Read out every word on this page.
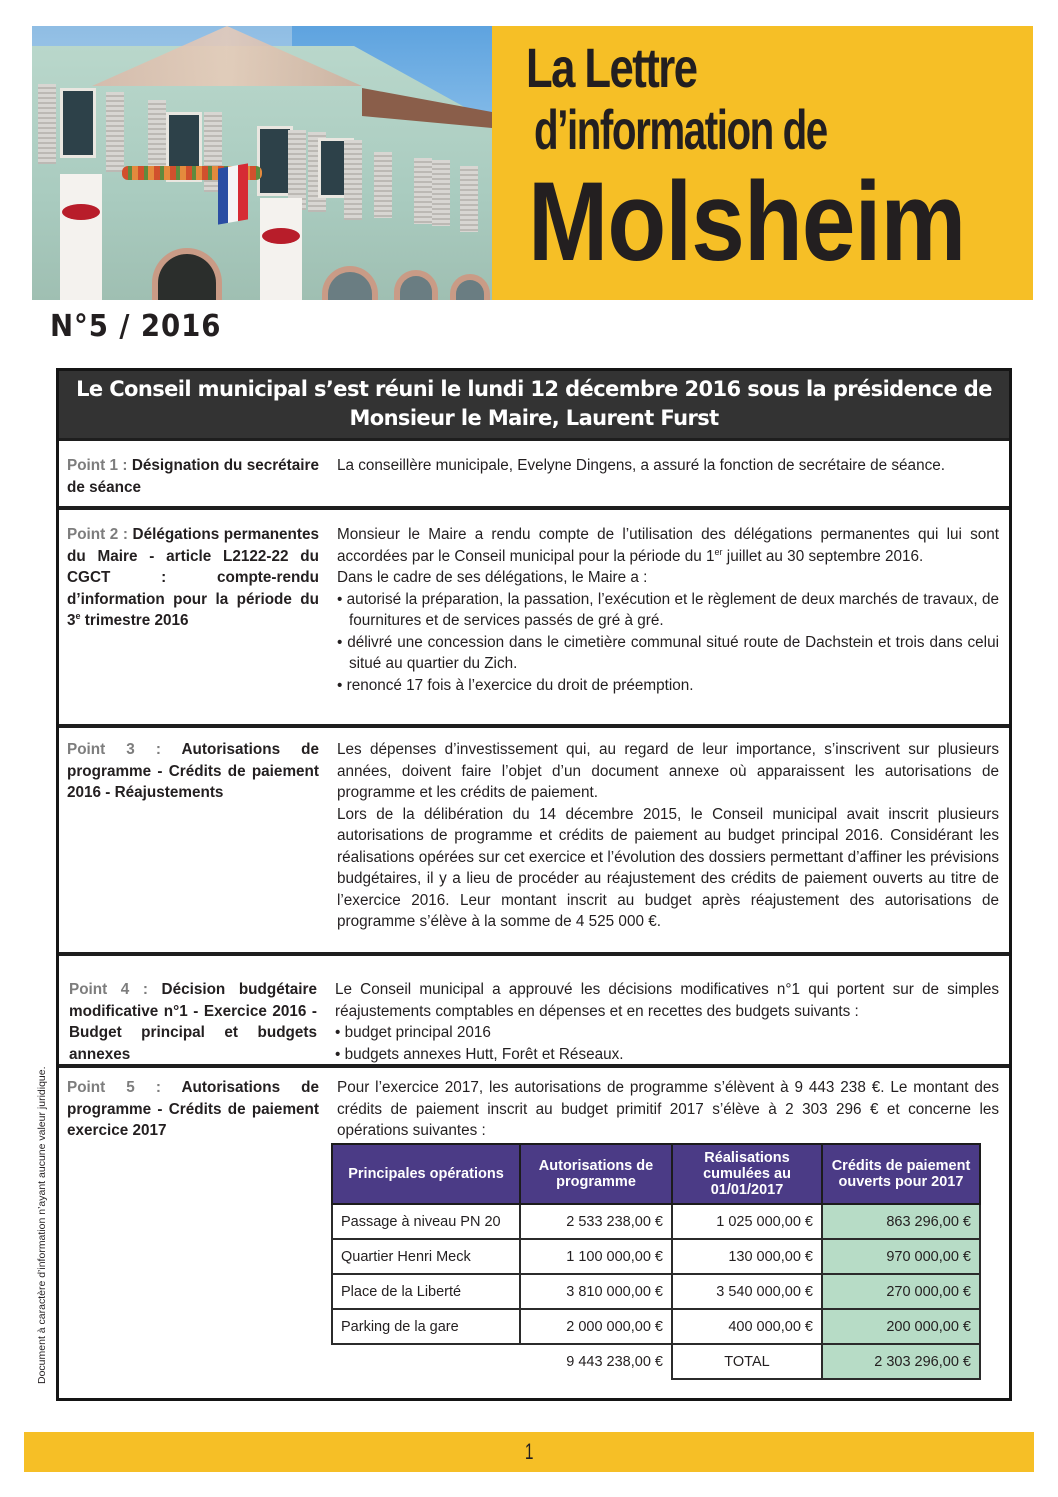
La Lettre
d’information de
Molsheim
N°5 / 2016
Le Conseil municipal s’est réuni le lundi 12 décembre 2016 sous la présidence de Monsieur le Maire, Laurent Furst
Point 1 : Désignation du secrétaire de séance
La conseillère municipale, Evelyne Dingens, a assuré la fonction de secrétaire de séance.
Point 2 : Délégations permanentes du Maire - article L2122-22 du CGCT : compte-rendu d’information pour la période du 3e trimestre 2016
Monsieur le Maire a rendu compte de l’utilisation des délégations permanentes qui lui sont accordées par le Conseil municipal pour la période du 1er juillet au 30 septembre 2016.
Dans le cadre de ses délégations, le Maire a :
• autorisé la préparation, la passation, l’exécution et le règlement de deux marchés de travaux, de fournitures et de services passés de gré à gré.
• délivré une concession dans le cimetière communal situé route de Dachstein et trois dans celui situé au quartier du Zich.
• renoncé 17 fois à l’exercice du droit de préemption.
Point 3 : Autorisations de programme - Crédits de paiement 2016 - Réajustements
Les dépenses d’investissement qui, au regard de leur importance, s’inscrivent sur plusieurs années, doivent faire l’objet d’un document annexe où apparaissent les autorisations de programme et les crédits de paiement.
Lors de la délibération du 14 décembre 2015, le Conseil municipal avait inscrit plusieurs autorisations de programme et crédits de paiement au budget principal 2016. Considérant les réalisations opérées sur cet exercice et l’évolution des dossiers permettant d’affiner les prévisions budgétaires, il y a lieu de procéder au réajustement des crédits de paiement ouverts au titre de l’exercice 2016. Leur montant inscrit au budget après réajustement des autorisations de programme s’élève à la somme de 4 525 000 €.
Point 4 : Décision budgétaire modificative n°1 - Exercice 2016 - Budget principal et budgets annexes
Le Conseil municipal a approuvé les décisions modificatives n°1 qui portent sur de simples réajustements comptables en dépenses et en recettes des budgets suivants :
• budget principal 2016
• budgets annexes Hutt, Forêt et Réseaux.
Point 5 : Autorisations de programme - Crédits de paiement exercice 2017
Pour l’exercice 2017, les autorisations de programme s’élèvent à 9 443 238 €. Le montant des crédits de paiement inscrit au budget primitif 2017 s’élève à 2 303 296 € et concerne les opérations suivantes :
Principales opérations	Autorisations de programme	Réalisations cumulées au 01/01/2017	Crédits de paiement ouverts pour 2017
Passage à niveau PN 20	2 533 238,00 €	1 025 000,00 €	863 296,00 €
Quartier Henri Meck	1 100 000,00 €	130 000,00 €	970 000,00 €
Place de la Liberté	3 810 000,00 €	3 540 000,00 €	270 000,00 €
Parking de la gare	2 000 000,00 €	400 000,00 €	200 000,00 €
	9 443 238,00 €	TOTAL	2 303 296,00 €
Document à caractère d’information n’ayant aucune valeur juridique.
1
